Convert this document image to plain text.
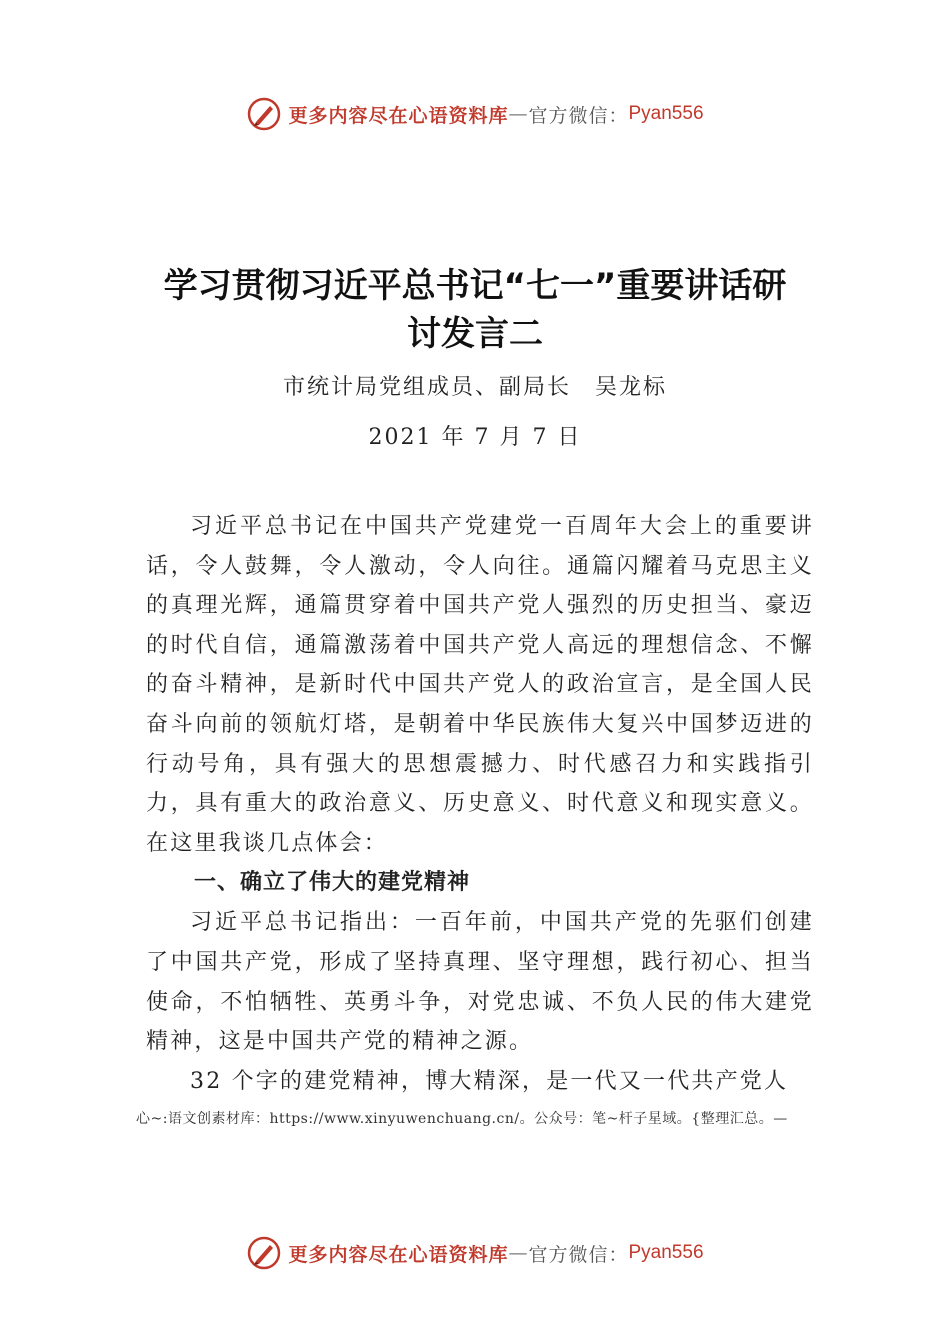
更多内容尽在心语资料库 — 官方微信： Pyan556
学习贯彻习近平总书记“七一”重要讲话研
讨发言二
市统计局党组成员、副局长　吴龙标
2021 年 7 月 7 日

习近平总书记在中国共产党建党一百周年大会上的重要讲话，令人鼓舞，令人激动，令人向往。通篇闪耀着马克思主义的真理光辉，通篇贯穿着中国共产党人强烈的历史担当、豪迈的时代自信，通篇激荡着中国共产党人高远的理想信念、不懈的奋斗精神，是新时代中国共产党人的政治宣言，是全国人民奋斗向前的领航灯塔，是朝着中华民族伟大复兴中国梦迈进的行动号角，具有强大的思想震撼力、时代感召力和实践指引力，具有重大的政治意义、历史意义、时代意义和现实意义。在这里我谈几点体会：

一、确立了伟大的建党精神

习近平总书记指出：一百年前，中国共产党的先驱们创建了中国共产党，形成了坚持真理、坚守理想，践行初心、担当使命，不怕牺牲、英勇斗争，对党忠诚、不负人民的伟大建党精神，这是中国共产党的精神之源。

32 个字的建党精神，博大精深，是一代又一代共产党人

心~:语文创素材库：https://www.xinyuwenchuang.cn/。公众号：笔~杆子星域。{整理汇总。—
更多内容尽在心语资料库 — 官方微信： Pyan556
